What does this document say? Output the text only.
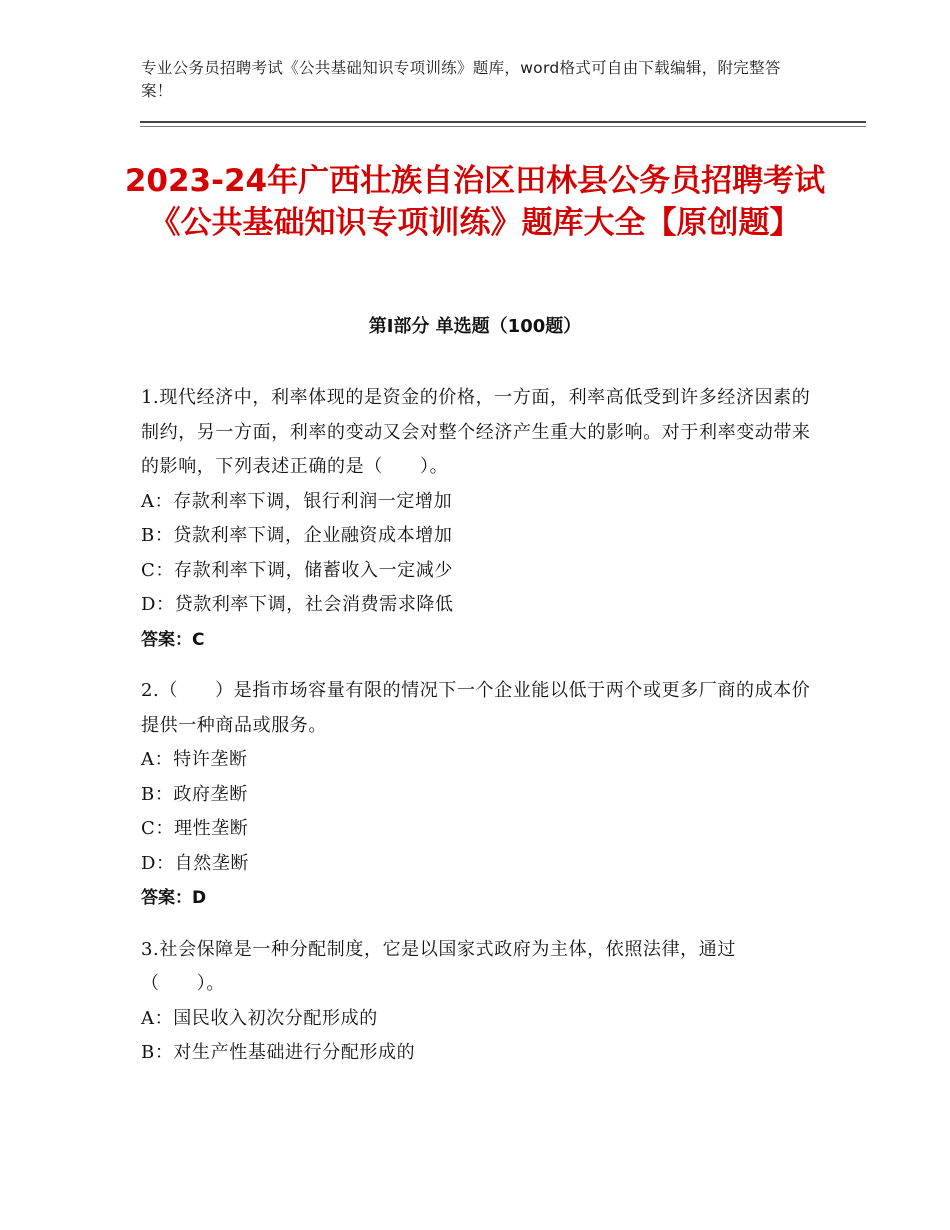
专业公务员招聘考试《公共基础知识专项训练》题库，word格式可自由下载编辑，附完整答案！
2023-24年广西壮族自治区田林县公务员招聘考试《公共基础知识专项训练》题库大全【原创题】
第Ⅰ部分 单选题（100题）

1.现代经济中，利率体现的是资金的价格，一方面，利率高低受到许多经济因素的制约，另一方面，利率的变动又会对整个经济产生重大的影响。对于利率变动带来的影响，下列表述正确的是（　　）。

A：存款利率下调，银行利润一定增加

B：贷款利率下调，企业融资成本增加

C：存款利率下调，储蓄收入一定减少

D：贷款利率下调，社会消费需求降低

答案：C

2.（　　）是指市场容量有限的情况下一个企业能以低于两个或更多厂商的成本价提供一种商品或服务。

A：特许垄断

B：政府垄断

C：理性垄断

D：自然垄断

答案：D

3.社会保障是一种分配制度，它是以国家式政府为主体，依照法律，通过（　　）。

A：国民收入初次分配形成的

B：对生产性基础进行分配形成的
